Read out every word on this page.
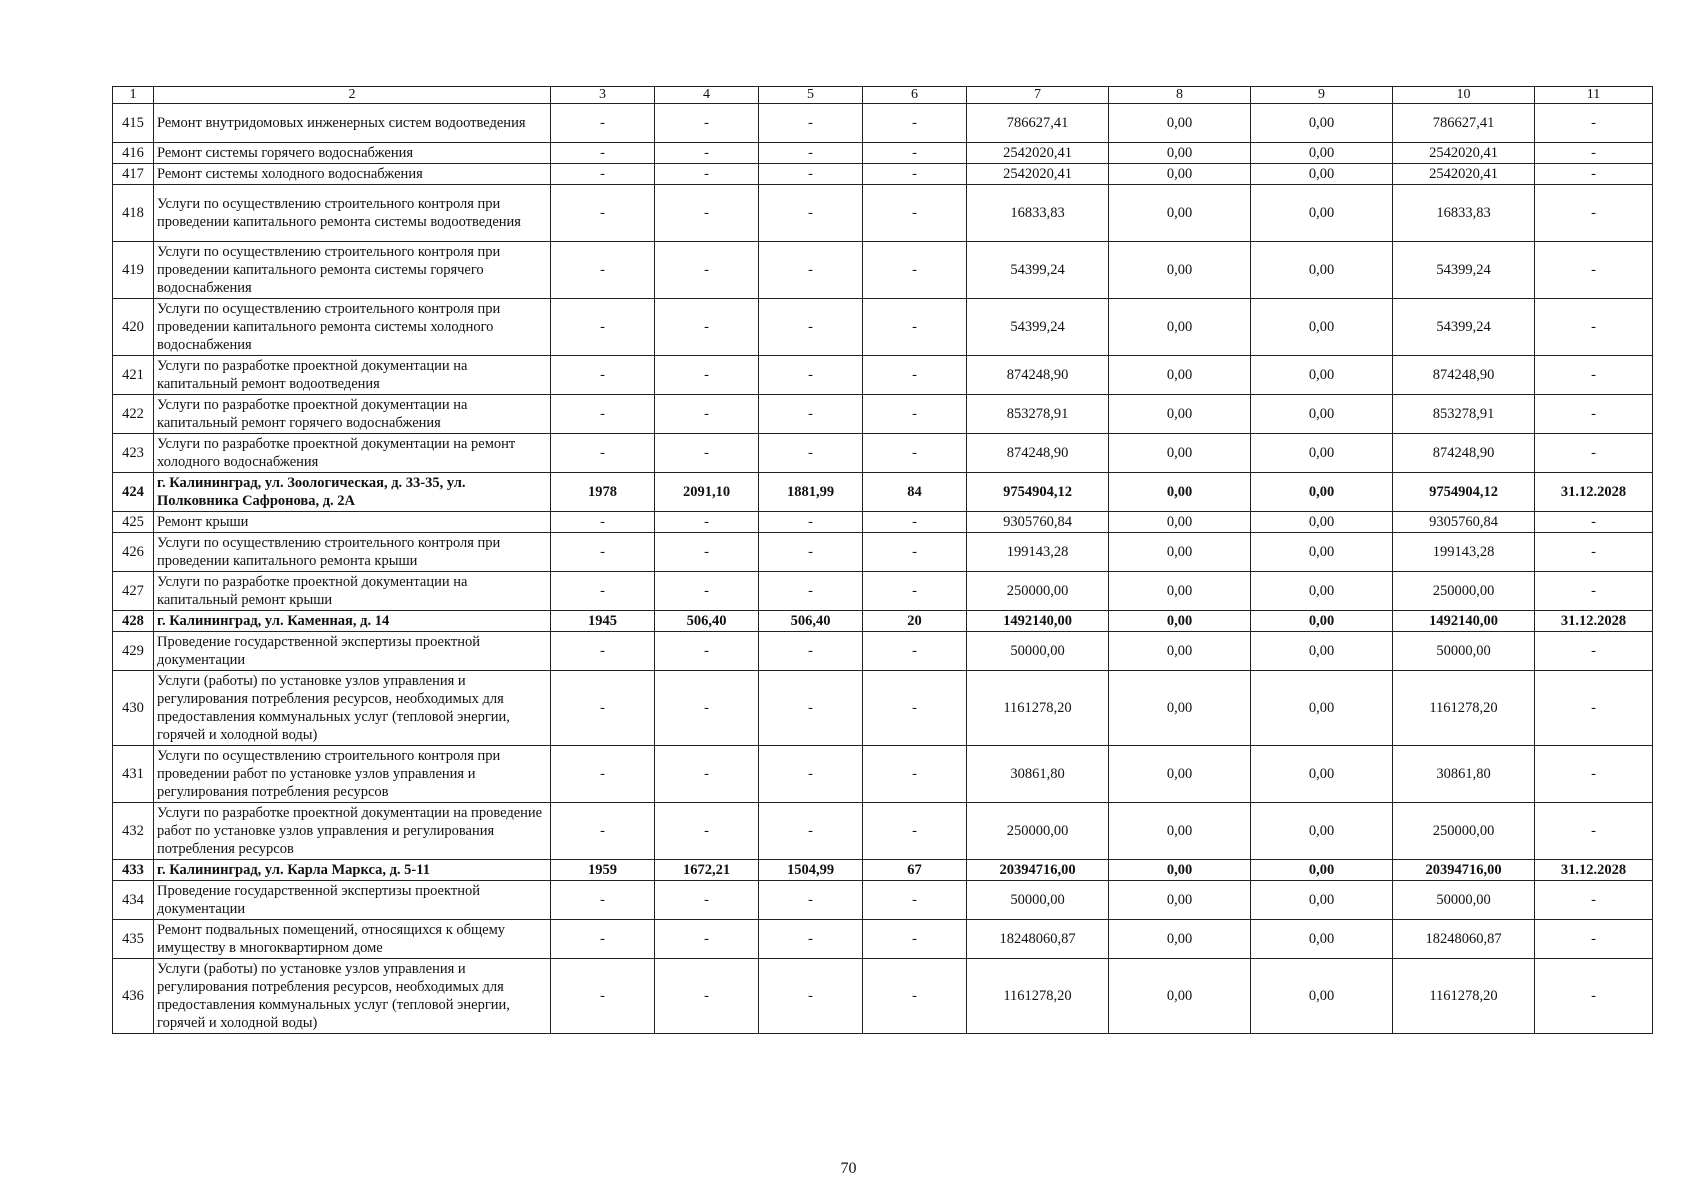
1	2	3	4	5	6	7	8	9	10	11
415	Ремонт внутридомовых инженерных систем водоотведения	-	-	-	-	786627,41	0,00	0,00	786627,41	-
416	Ремонт системы горячего водоснабжения	-	-	-	-	2542020,41	0,00	0,00	2542020,41	-
417	Ремонт системы холодного водоснабжения	-	-	-	-	2542020,41	0,00	0,00	2542020,41	-
418	Услуги по осуществлению строительного контроля при проведении капитального ремонта системы водоотведения	-	-	-	-	16833,83	0,00	0,00	16833,83	-
419	Услуги по осуществлению строительного контроля при проведении капитального ремонта системы горячего водоснабжения	-	-	-	-	54399,24	0,00	0,00	54399,24	-
420	Услуги по осуществлению строительного контроля при проведении капитального ремонта системы холодного водоснабжения	-	-	-	-	54399,24	0,00	0,00	54399,24	-
421	Услуги по разработке проектной документации на капитальный ремонт водоотведения	-	-	-	-	874248,90	0,00	0,00	874248,90	-
422	Услуги по разработке проектной документации на капитальный ремонт горячего водоснабжения	-	-	-	-	853278,91	0,00	0,00	853278,91	-
423	Услуги по разработке проектной документации на ремонт холодного водоснабжения	-	-	-	-	874248,90	0,00	0,00	874248,90	-
424	г. Калининград, ул. Зоологическая, д. 33-35, ул. Полковника Сафронова, д. 2А	1978	2091,10	1881,99	84	9754904,12	0,00	0,00	9754904,12	31.12.2028
425	Ремонт крыши	-	-	-	-	9305760,84	0,00	0,00	9305760,84	-
426	Услуги по осуществлению строительного контроля при проведении капитального ремонта крыши	-	-	-	-	199143,28	0,00	0,00	199143,28	-
427	Услуги по разработке проектной документации на капитальный ремонт крыши	-	-	-	-	250000,00	0,00	0,00	250000,00	-
428	г. Калининград, ул. Каменная, д. 14	1945	506,40	506,40	20	1492140,00	0,00	0,00	1492140,00	31.12.2028
429	Проведение государственной экспертизы проектной документации	-	-	-	-	50000,00	0,00	0,00	50000,00	-
430	Услуги (работы) по установке узлов управления и регулирования потребления ресурсов, необходимых для предоставления коммунальных услуг (тепловой энергии, горячей и холодной воды)	-	-	-	-	1161278,20	0,00	0,00	1161278,20	-
431	Услуги по осуществлению строительного контроля при проведении работ по установке узлов управления и регулирования потребления ресурсов	-	-	-	-	30861,80	0,00	0,00	30861,80	-
432	Услуги по разработке проектной документации на проведение работ по установке узлов управления и регулирования потребления ресурсов	-	-	-	-	250000,00	0,00	0,00	250000,00	-
433	г. Калининград, ул. Карла Маркса, д. 5-11	1959	1672,21	1504,99	67	20394716,00	0,00	0,00	20394716,00	31.12.2028
434	Проведение государственной экспертизы проектной документации	-	-	-	-	50000,00	0,00	0,00	50000,00	-
435	Ремонт подвальных помещений, относящихся к общему имуществу в многоквартирном доме	-	-	-	-	18248060,87	0,00	0,00	18248060,87	-
436	Услуги (работы) по установке узлов управления и регулирования потребления ресурсов, необходимых для предоставления коммунальных услуг (тепловой энергии, горячей и холодной воды)	-	-	-	-	1161278,20	0,00	0,00	1161278,20	-
70
